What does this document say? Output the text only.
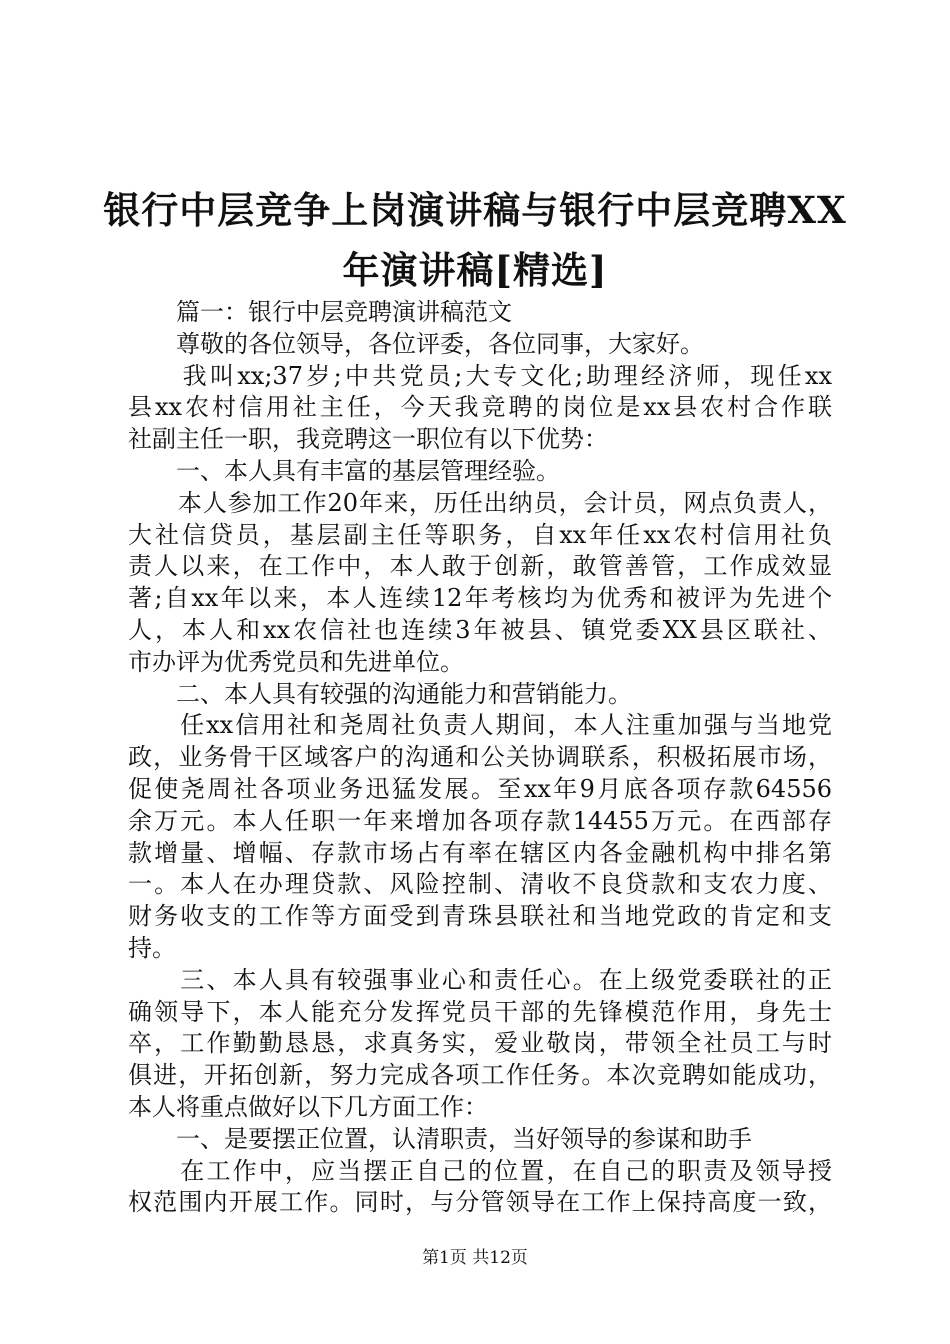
银行中层竞争上岗演讲稿与银行中层竞聘XX
年演讲稿[精选]
　　篇一：银行中层竞聘演讲稿范文
　　尊敬的各位领导，各位评委，各位同事，大家好。
　　我叫xx;37岁;中共党员;大专文化;助理经济师，现任xx
县xx农村信用社主任，今天我竞聘的岗位是xx县农村合作联
社副主任一职，我竞聘这一职位有以下优势：
　　一、本人具有丰富的基层管理经验。
　　本人参加工作20年来，历任出纳员，会计员，网点负责人，
大社信贷员，基层副主任等职务，自xx年任xx农村信用社负
责人以来，在工作中，本人敢于创新，敢管善管，工作成效显
著;自xx年以来，本人连续12年考核均为优秀和被评为先进个
人，本人和xx农信社也连续3年被县、镇党委XX县区联社、
市办评为优秀党员和先进单位。
　　二、本人具有较强的沟通能力和营销能力。
　　任xx信用社和尧周社负责人期间，本人注重加强与当地党
政，业务骨干区域客户的沟通和公关协调联系，积极拓展市场，
促使尧周社各项业务迅猛发展。至xx年9月底各项存款64556
余万元。本人任职一年来增加各项存款14455万元。在西部存
款增量、增幅、存款市场占有率在辖区内各金融机构中排名第
一。本人在办理贷款、风险控制、清收不良贷款和支农力度、
财务收支的工作等方面受到青珠县联社和当地党政的肯定和支
持。
　　三、本人具有较强事业心和责任心。在上级党委联社的正
确领导下，本人能充分发挥党员干部的先锋模范作用，身先士
卒，工作勤勤恳恳，求真务实，爱业敬岗，带领全社员工与时
俱进，开拓创新，努力完成各项工作任务。本次竞聘如能成功，
本人将重点做好以下几方面工作：
　　一、是要摆正位置，认清职责，当好领导的参谋和助手
　　在工作中，应当摆正自己的位置，在自己的职责及领导授
权范围内开展工作。同时，与分管领导在工作上保持高度一致，
第1页 共12页
